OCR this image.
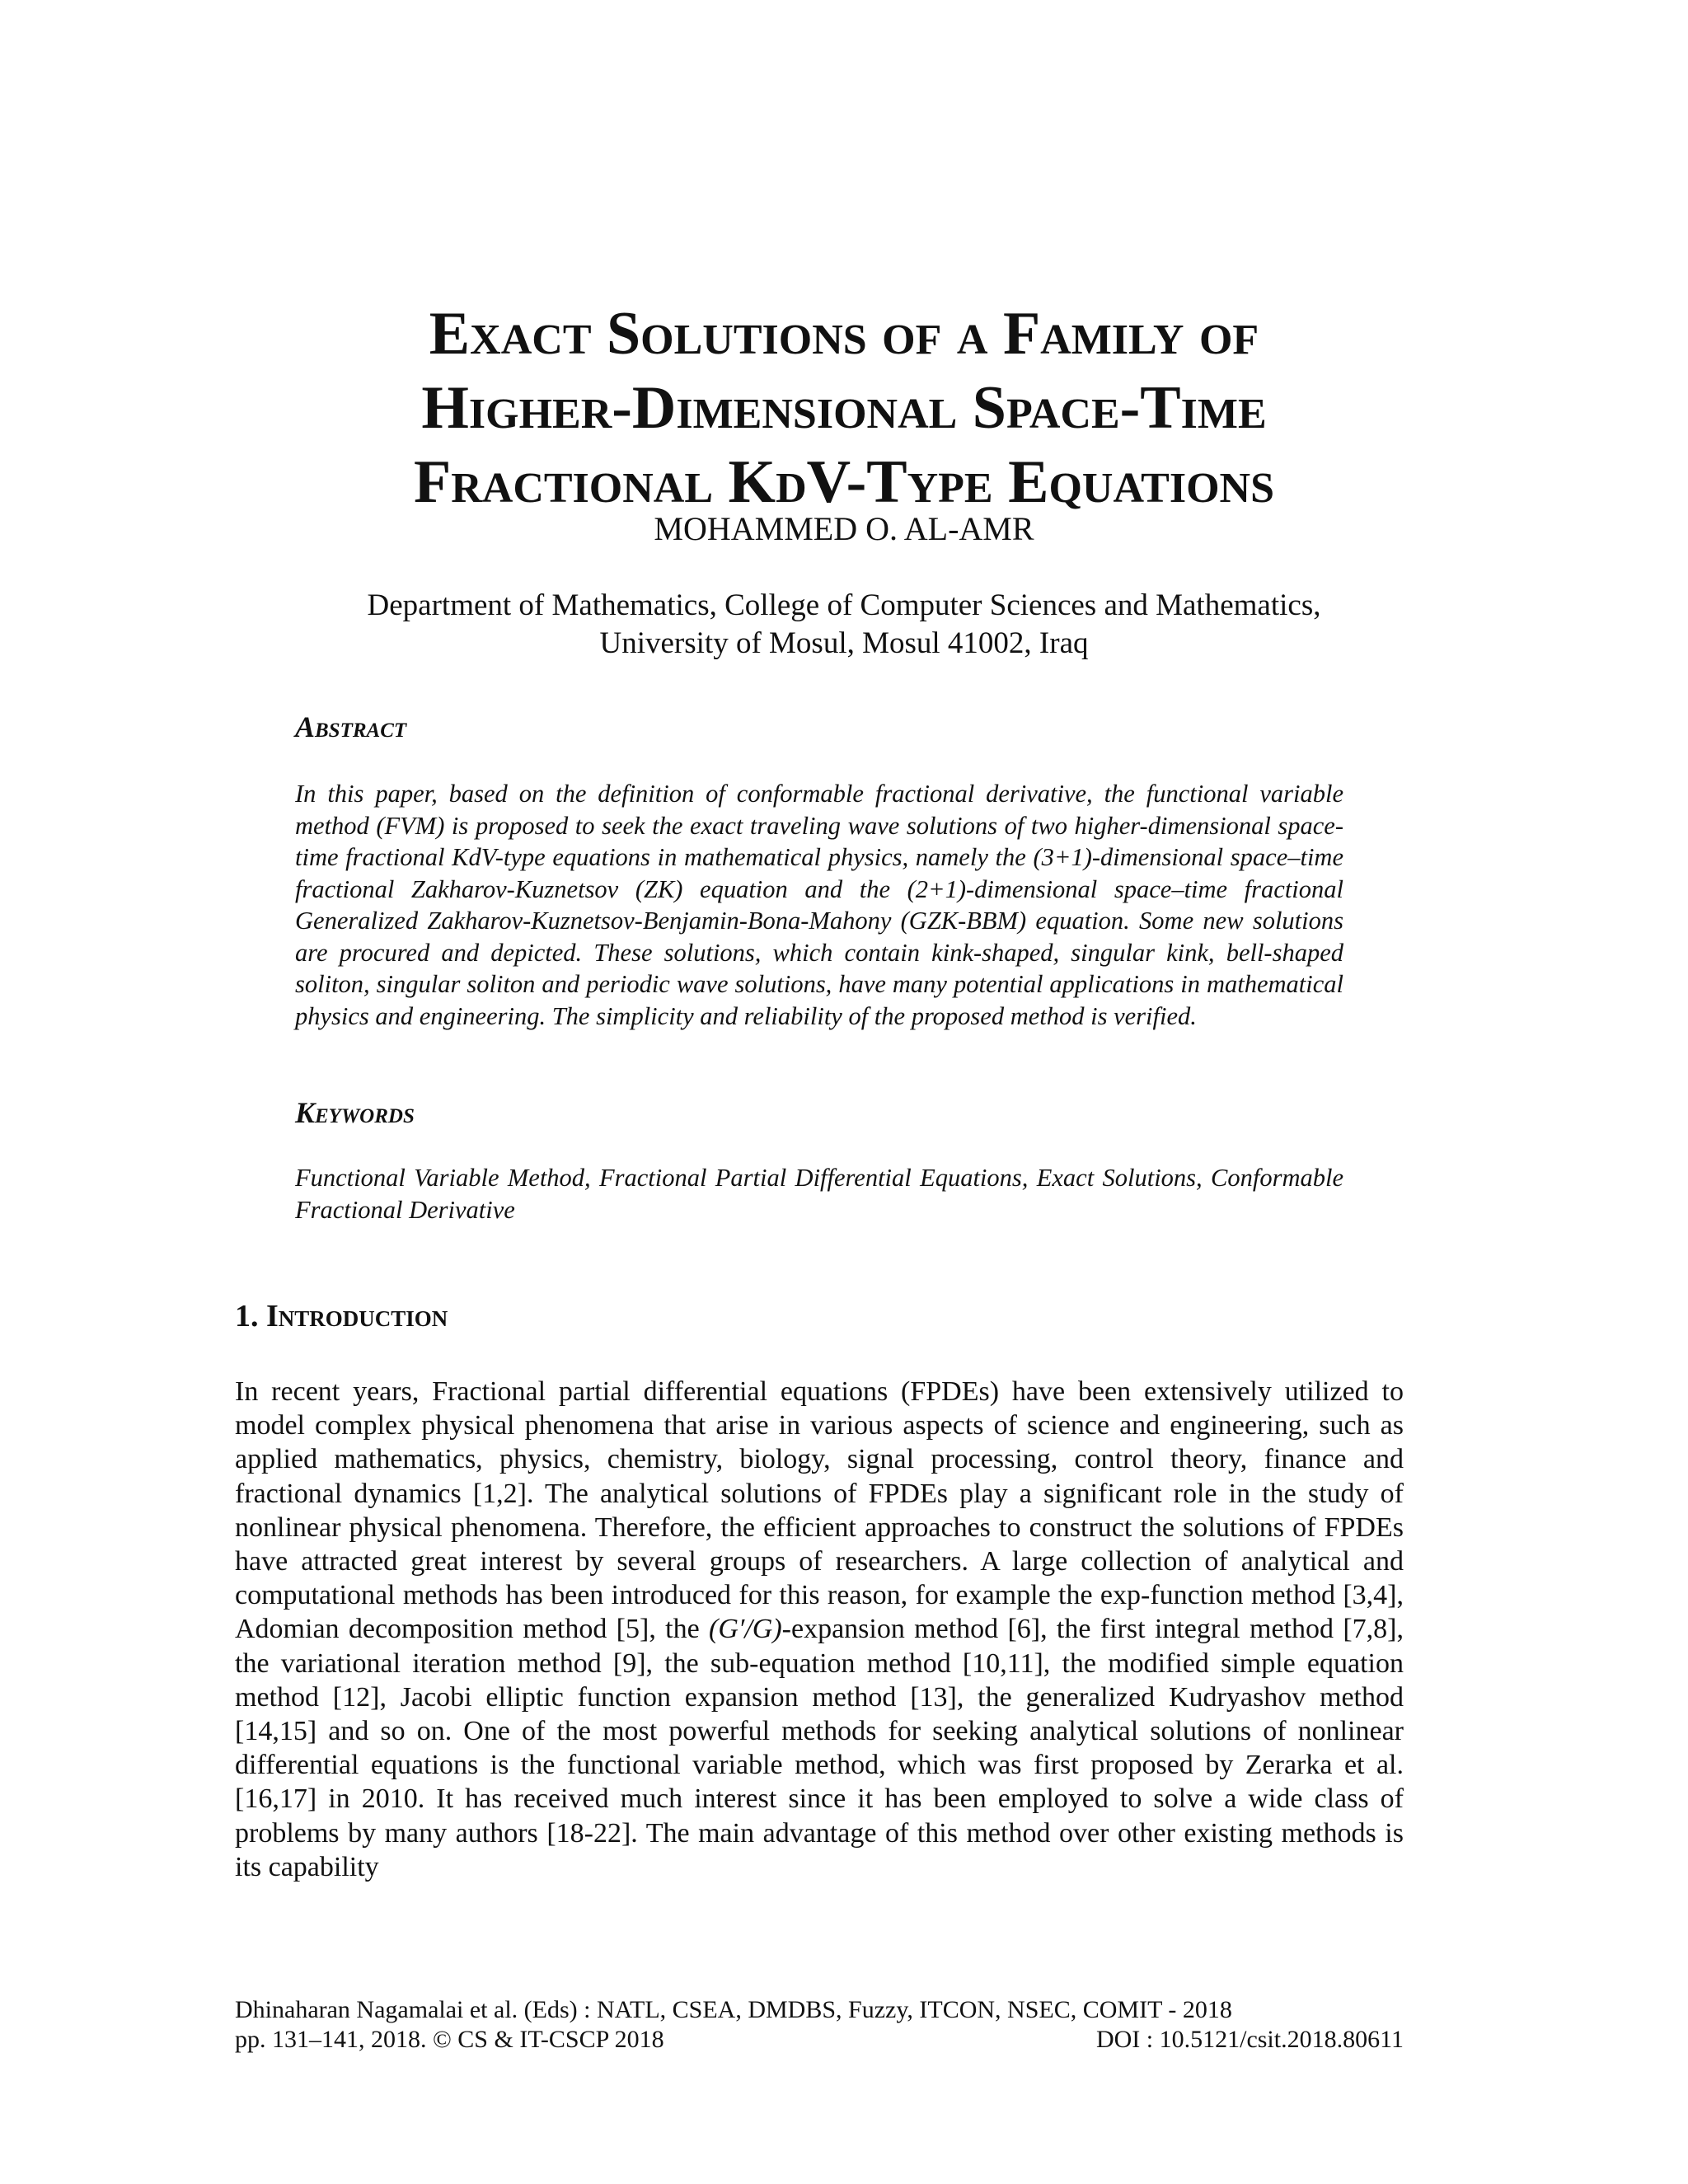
Exact Solutions of a Family of
Higher-Dimensional Space-Time
Fractional KdV-Type Equations
MOHAMMED O. AL-AMR
Department of Mathematics, College of Computer Sciences and Mathematics,
University of Mosul, Mosul 41002, Iraq
Abstract
In this paper, based on the definition of conformable fractional derivative, the functional variable method (FVM) is proposed to seek the exact traveling wave solutions of two higher-dimensional space-time fractional KdV-type equations in mathematical physics, namely the (3+1)-dimensional space–time fractional Zakharov-Kuznetsov (ZK) equation and the (2+1)-dimensional space–time fractional Generalized Zakharov-Kuznetsov-Benjamin-Bona-Mahony (GZK-BBM) equation. Some new solutions are procured and depicted. These solutions, which contain kink-shaped, singular kink, bell-shaped soliton, singular soliton and periodic wave solutions, have many potential applications in mathematical physics and engineering. The simplicity and reliability of the proposed method is verified.
Keywords
Functional Variable Method, Fractional Partial Differential Equations, Exact Solutions, Conformable Fractional Derivative
1. Introduction
In recent years, Fractional partial differential equations (FPDEs) have been extensively utilized to model complex physical phenomena that arise in various aspects of science and engineering, such as applied mathematics, physics, chemistry, biology, signal processing, control theory, finance and fractional dynamics [1,2]. The analytical solutions of FPDEs play a significant role in the study of nonlinear physical phenomena. Therefore, the efficient approaches to construct the solutions of FPDEs have attracted great interest by several groups of researchers. A large collection of analytical and computational methods has been introduced for this reason, for example the exp-function method [3,4], Adomian decomposition method [5], the (G′/G)-expansion method [6], the first integral method [7,8], the variational iteration method [9], the sub-equation method [10,11], the modified simple equation method [12], Jacobi elliptic function expansion method [13], the generalized Kudryashov method [14,15] and so on. One of the most powerful methods for seeking analytical solutions of nonlinear differential equations is the functional variable method, which was first proposed by Zerarka et al. [16,17] in 2010. It has received much interest since it has been employed to solve a wide class of problems by many authors [18-22]. The main advantage of this method over other existing methods is its capability
Dhinaharan Nagamalai et al. (Eds) : NATL, CSEA, DMDBS, Fuzzy, ITCON, NSEC, COMIT - 2018
pp. 131–141, 2018. © CS & IT-CSCP 2018	DOI : 10.5121/csit.2018.80611
